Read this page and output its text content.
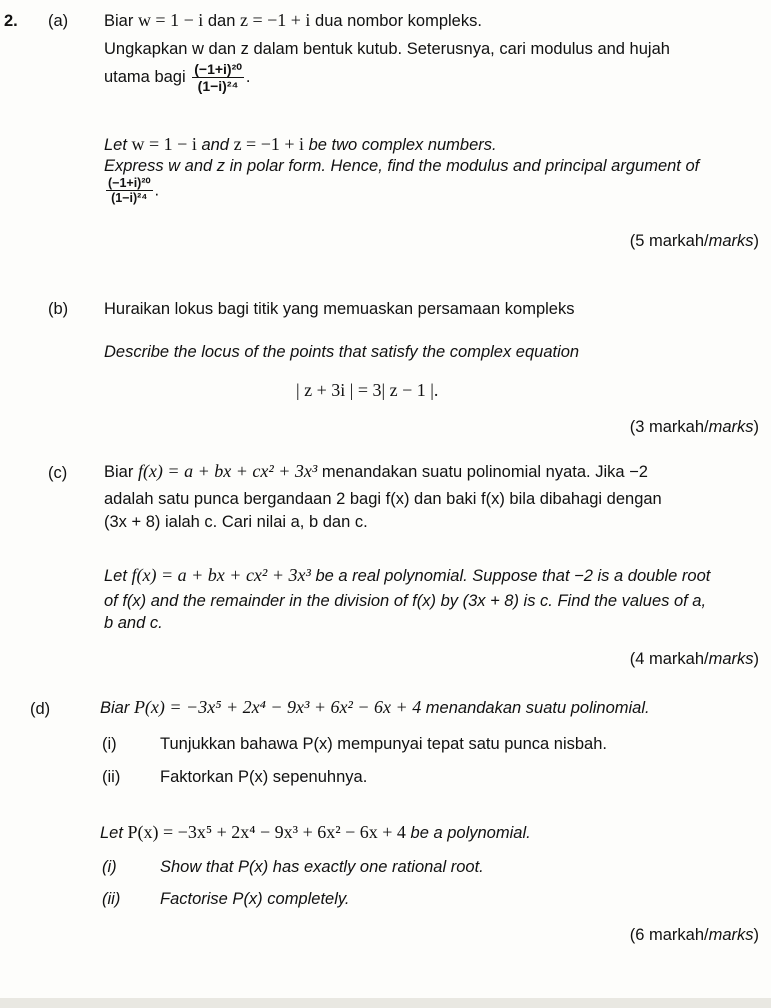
2. (a) Biar w = 1 − i dan z = −1 + i dua nombor kompleks.
Ungkapkan w dan z dalam bentuk kutub. Seterusnya, cari modulus and hujah
utama bagi $\frac{\text{(−1+i)²⁰}}{\text{(1−i)²⁴}}$ .
Let w = 1 − i and z = −1 + i be two complex numbers.
Express w and z in polar form. Hence, find the modulus and principal argument of
$\frac{\text{(−1+i)²⁰}}{\text{(1−i)²⁴}}$ .
(5 markah/marks)
(b) Huraikan lokus bagi titik yang memuaskan persamaan kompleks
Describe the locus of the points that satisfy the complex equation
| z + 3i | = 3| z − 1 |.
(3 markah/marks)
(c) Biar f(x) = a + bx + cx² + 3x³ menandakan suatu polinomial nyata. Jika −2
adalah satu punca bergandaan 2 bagi f(x) dan baki f(x) bila dibahagi dengan
(3x + 8) ialah c. Cari nilai a, b dan c.
Let f(x) = a + bx + cx² + 3x³ be a real polynomial. Suppose that −2 is a double root
of f(x) and the remainder in the division of f(x) by (3x + 8) is c. Find the values of a,
b and c.
(4 markah/marks)
(d)	Biar P(x) = −3x⁵ + 2x⁴ − 9x³ + 6x² − 6x + 4 menandakan suatu polinomial.
(i)	Tunjukkan bahawa P(x) mempunyai tepat satu punca nisbah.
(ii) Faktorkan P(x) sepenuhnya.
Let P(x) = −3x⁵ + 2x⁴ − 9x³ + 6x² − 6x + 4 be a polynomial.
(i)	Show that P(x) has exactly one rational root.
(ii) Factorise P(x) completely.
(6 markah/marks)
